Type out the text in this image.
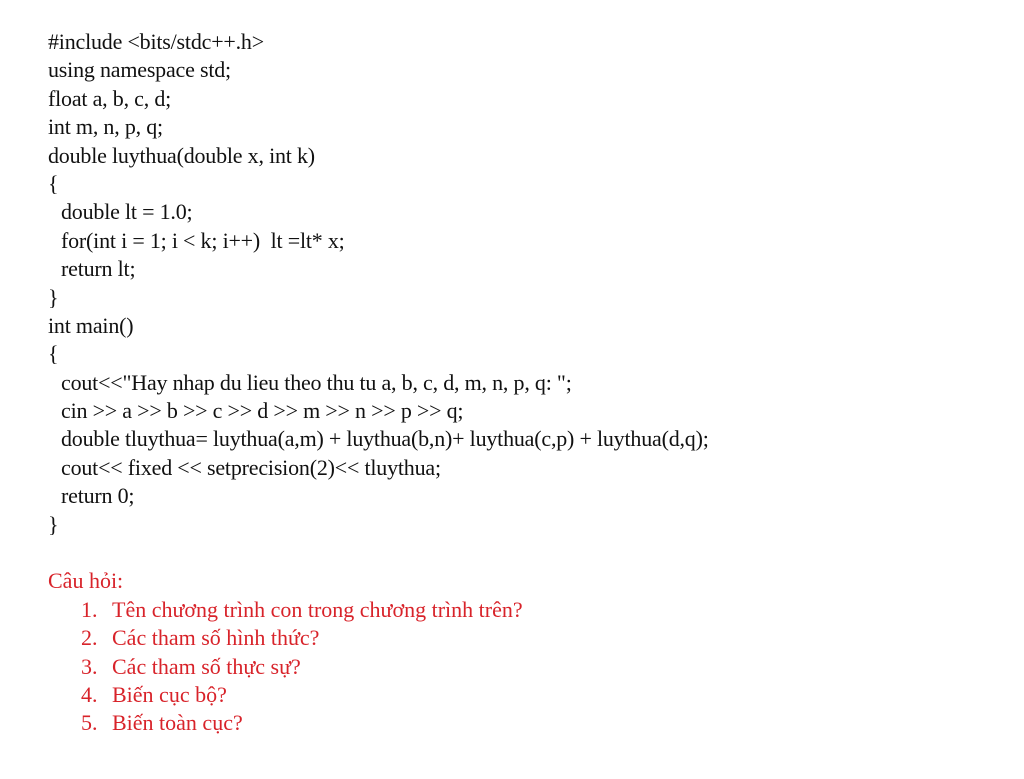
#include <bits/stdc++.h>
using namespace std;
float a, b, c, d;
int m, n, p, q;
double luythua(double x, int k)
{
double lt = 1.0;
for(int i = 1; i < k; i++)  lt =lt* x;
return lt;
}
int main()
{
cout<<"Hay nhap du lieu theo thu tu a, b, c, d, m, n, p, q: ";
cin >> a >> b >> c >> d >> m >> n >> p >> q;
double tluythua= luythua(a,m) + luythua(b,n)+ luythua(c,p) + luythua(d,q);
cout<< fixed << setprecision(2)<< tluythua;
return 0;
}
Câu hỏi:
1. Tên chương trình con trong chương trình trên?
2. Các tham số hình thức?
3. Các tham số thực sự?
4. Biến cục bộ?
5. Biến toàn cục?
